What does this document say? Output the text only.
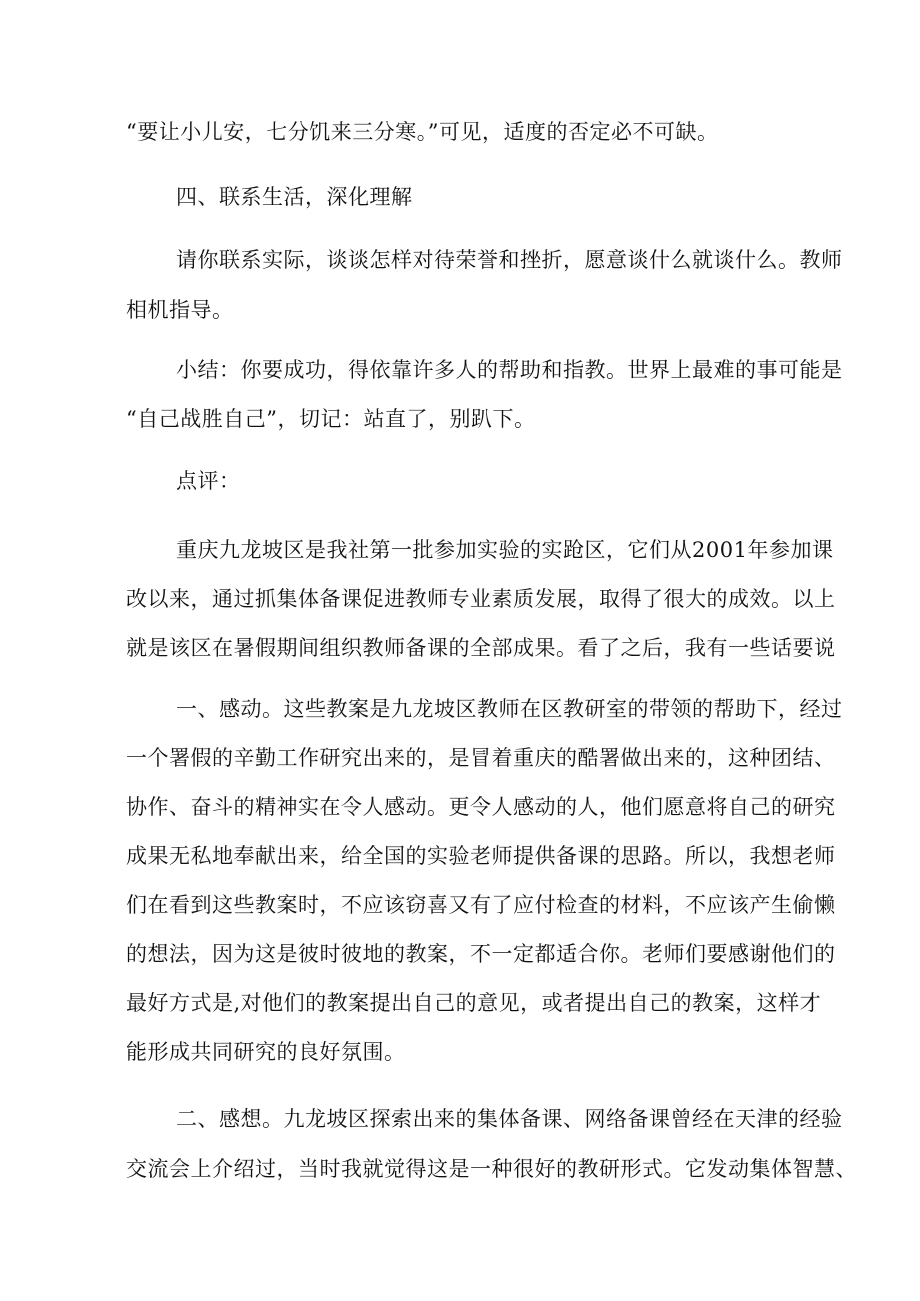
“要让小儿安，七分饥来三分寒。”可见，适度的否定必不可缺。
四、联系生活，深化理解
请你联系实际，谈谈怎样对待荣誉和挫折，愿意谈什么就谈什么。教师
相机指导。
小结：你要成功，得依靠许多人的帮助和指教。世界上最难的事可能是
“自己战胜自己”，切记：站直了，别趴下。
点评：
重庆九龙坡区是我社第一批参加实验的实跄区，它们从2001年参加课
改以来，通过抓集体备课促进教师专业素质发展，取得了很大的成效。以上
就是该区在暑假期间组织教师备课的全部成果。看了之后，我有一些话要说
一、感动。这些教案是九龙坡区教师在区教研室的带领的帮助下，经过
一个署假的辛勤工作研究出来的，是冒着重庆的酷署做出来的，这种团结、
协作、奋斗的精神实在令人感动。更令人感动的人，他们愿意将自己的研究
成果无私地奉献出来，给全国的实验老师提供备课的思路。所以，我想老师
们在看到这些教案时，不应该窃喜又有了应付检查的材料，不应该产生偷懒
的想法，因为这是彼时彼地的教案，不一定都适合你。老师们要感谢他们的
最好方式是,对他们的教案提出自己的意见，或者提出自己的教案，这样才
能形成共同研究的良好氛围。
二、感想。九龙坡区探索出来的集体备课、网络备课曾经在天津的经验
交流会上介绍过，当时我就觉得这是一种很好的教研形式。它发动集体智慧、
